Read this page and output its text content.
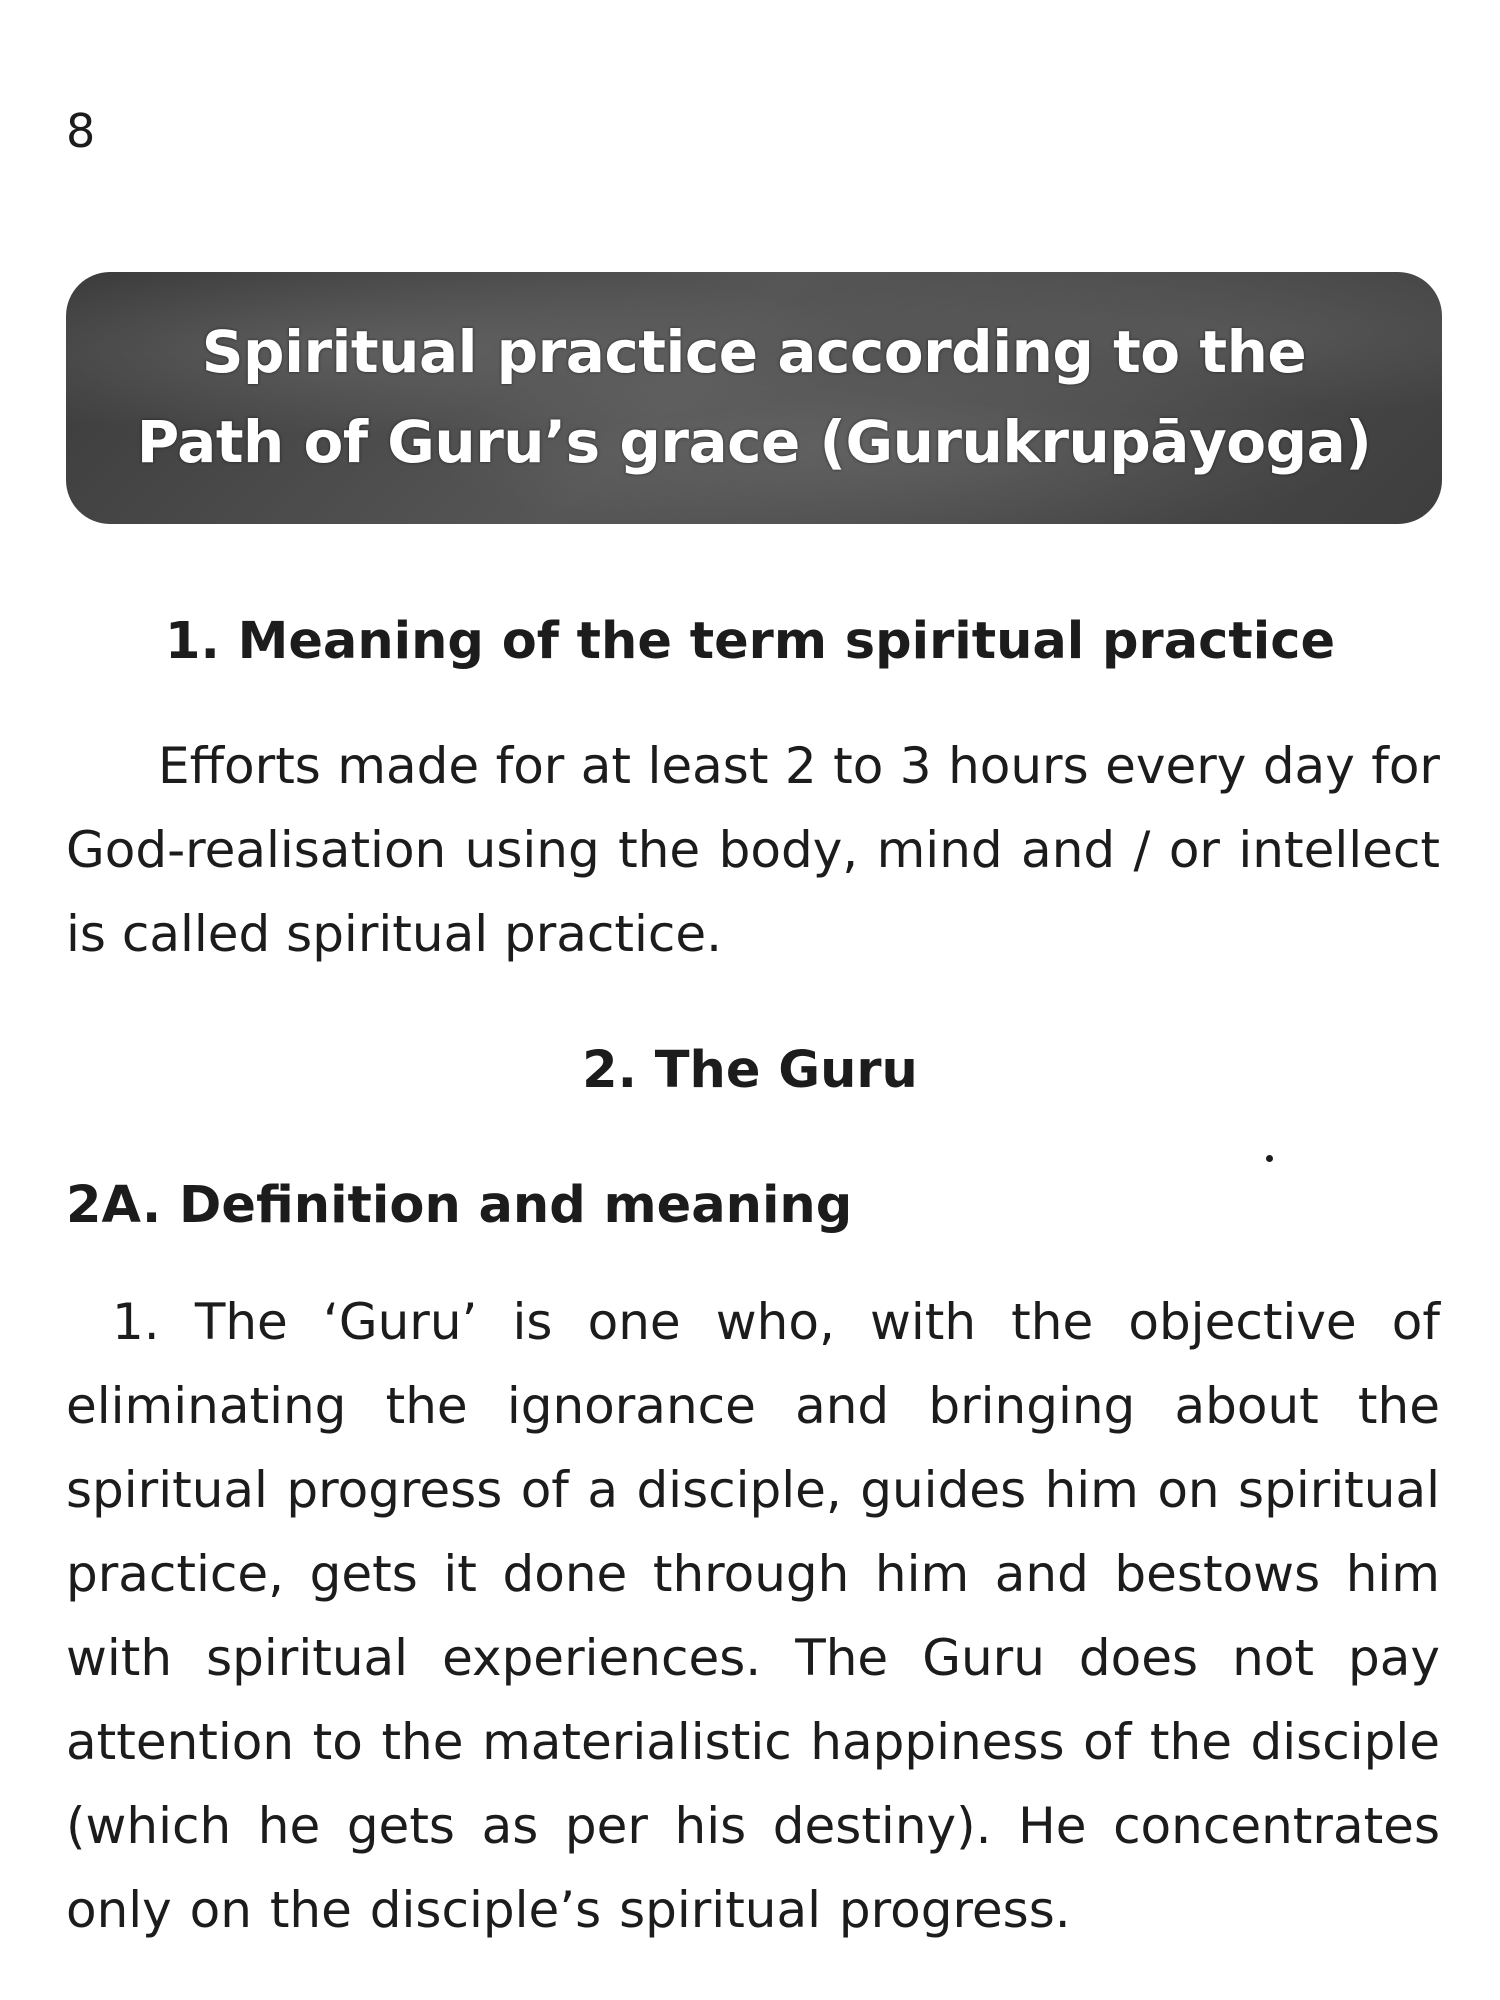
8
Spiritual practice according to the
Path of Guru’s grace (Gurukrupāyoga)
1. Meaning of the term spiritual practice

Efforts made for at least 2 to 3 hours every day for God-realisation using the body, mind and / or intellect is called spiritual practice.

2. The Guru
2A. Definition and meaning

1. The ‘Guru’ is one who, with the objective of eliminating the ignorance and bringing about the spiritual progress of a disciple, guides him on spiritual practice, gets it done through him and bestows him with spiritual experiences. The Guru does not pay attention to the materialistic happiness of the disciple (which he gets as per his destiny). He concentrates only on the disciple’s spiritual progress.
